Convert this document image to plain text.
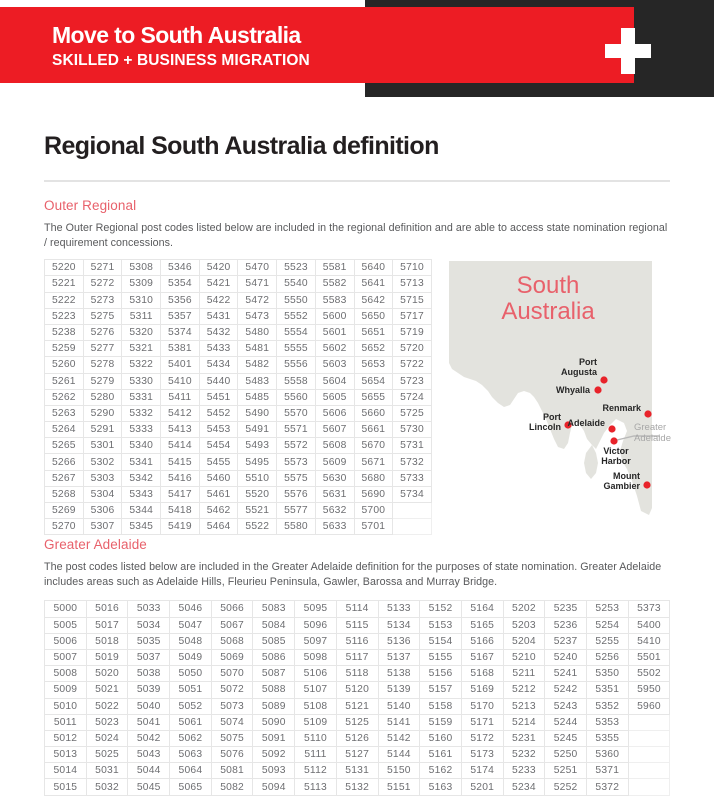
Move to South Australia
SKILLED + BUSINESS MIGRATION
Regional South Australia definition
Outer Regional
The Outer Regional post codes listed below are included in the regional definition and are able to access state nomination regional / requirement concessions.
5220	5271	5308	5346	5420	5470	5523	5581	5640	5710
5221	5272	5309	5354	5421	5471	5540	5582	5641	5713
5222	5273	5310	5356	5422	5472	5550	5583	5642	5715
5223	5275	5311	5357	5431	5473	5552	5600	5650	5717
5238	5276	5320	5374	5432	5480	5554	5601	5651	5719
5259	5277	5321	5381	5433	5481	5555	5602	5652	5720
5260	5278	5322	5401	5434	5482	5556	5603	5653	5722
5261	5279	5330	5410	5440	5483	5558	5604	5654	5723
5262	5280	5331	5411	5451	5485	5560	5605	5655	5724
5263	5290	5332	5412	5452	5490	5570	5606	5660	5725
5264	5291	5333	5413	5453	5491	5571	5607	5661	5730
5265	5301	5340	5414	5454	5493	5572	5608	5670	5731
5266	5302	5341	5415	5455	5495	5573	5609	5671	5732
5267	5303	5342	5416	5460	5510	5575	5630	5680	5733
5268	5304	5343	5417	5461	5520	5576	5631	5690	5734
5269	5306	5344	5418	5462	5521	5577	5632	5700	
5270	5307	5345	5419	5464	5522	5580	5633	5701	
South
Australia
Port
Augusta
Whyalla
Renmark
Port
Lincoln Adelaide
Victor
Harbor
Mount
Gambier
Greater
Adelaide
Greater Adelaide
The post codes listed below are included in the Greater Adelaide definition for the purposes of state nomination. Greater Adelaide includes areas such as Adelaide Hills, Fleurieu Peninsula, Gawler, Barossa and Murray Bridge.
5000	5016	5033	5046	5066	5083	5095	5114	5133	5152	5164	5202	5235	5253	5373
5005	5017	5034	5047	5067	5084	5096	5115	5134	5153	5165	5203	5236	5254	5400
5006	5018	5035	5048	5068	5085	5097	5116	5136	5154	5166	5204	5237	5255	5410
5007	5019	5037	5049	5069	5086	5098	5117	5137	5155	5167	5210	5240	5256	5501
5008	5020	5038	5050	5070	5087	5106	5118	5138	5156	5168	5211	5241	5350	5502
5009	5021	5039	5051	5072	5088	5107	5120	5139	5157	5169	5212	5242	5351	5950
5010	5022	5040	5052	5073	5089	5108	5121	5140	5158	5170	5213	5243	5352	5960
5011	5023	5041	5061	5074	5090	5109	5125	5141	5159	5171	5214	5244	5353	
5012	5024	5042	5062	5075	5091	5110	5126	5142	5160	5172	5231	5245	5355	
5013	5025	5043	5063	5076	5092	5111	5127	5144	5161	5173	5232	5250	5360	
5014	5031	5044	5064	5081	5093	5112	5131	5150	5162	5174	5233	5251	5371	
5015	5032	5045	5065	5082	5094	5113	5132	5151	5163	5201	5234	5252	5372	
